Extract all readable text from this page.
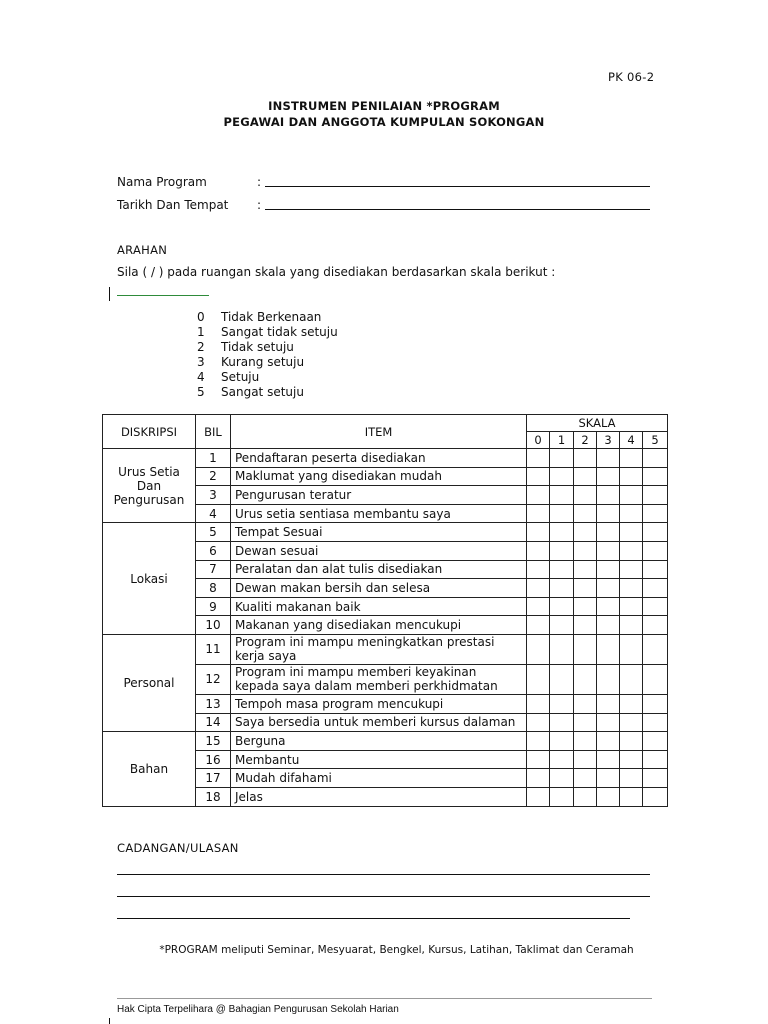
PK 06-2
INSTRUMEN PENILAIAN *PROGRAM
PEGAWAI DAN ANGGOTA KUMPULAN SOKONGAN
Nama Program	:
Tarikh Dan Tempat :
ARAHAN
Sila ( / ) pada ruangan skala yang disediakan berdasarkan skala berikut :
0 Tidak Berkenaan
1 Sangat tidak setuju
2 Tidak setuju
3 Kurang setuju
4 Setuju
5 Sangat setuju
DISKRIPSI	BIL	ITEM	SKALA					
			0	1	2	3	4	5
Urus Setia Dan Pengurusan	1	Pendaftaran peserta disediakan						
	2	Maklumat yang disediakan mudah						
	3	Pengurusan teratur						
	4	Urus setia sentiasa membantu saya						
Lokasi	5	Tempat Sesuai						
	6	Dewan sesuai						
	7	Peralatan dan alat tulis disediakan						
	8	Dewan makan bersih dan selesa						
	9	Kualiti makanan baik						
	10	Makanan yang disediakan mencukupi						
Personal	11	Program ini mampu meningkatkan prestasi kerja saya						
	12	Program ini mampu memberi keyakinan kepada saya dalam memberi perkhidmatan						
	13	Tempoh masa program mencukupi						
	14	Saya bersedia untuk memberi kursus dalaman						
Bahan	15	Berguna						
	16	Membantu						
	17	Mudah difahami						
	18	Jelas						
CADANGAN/ULASAN
*PROGRAM meliputi Seminar, Mesyuarat, Bengkel, Kursus, Latihan, Taklimat dan Ceramah
Hak Cipta Terpelihara @ Bahagian Pengurusan Sekolah Harian
